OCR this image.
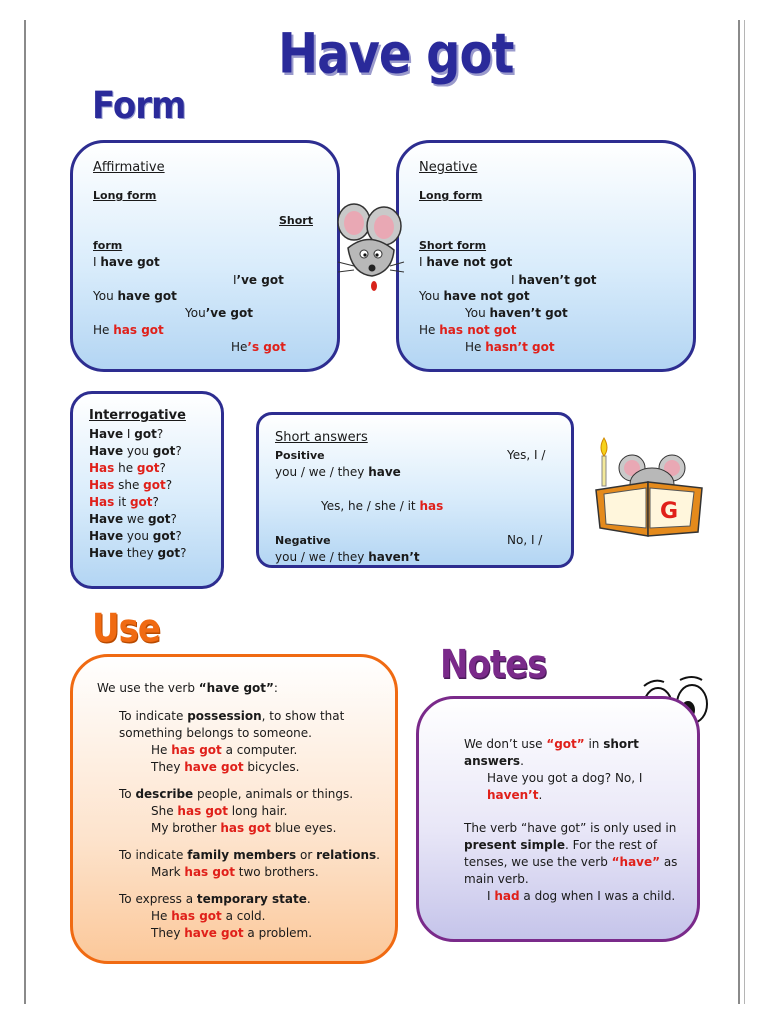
Have got
Form
Affirmative
Long form
Short
form
I have got
I’ve got
You have got
You’ve got
He has got
He’s got
Negative
Long form
Short form
I have not got
I haven’t got
You have not got
You haven’t got
He has not got
He hasn’t got
Interrogative
Have I got?
Have you got?
Has he got?
Has she got?
Has it got?
Have we got?
Have you got?
Have they got?
Short answers
Positive	Yes, I /
you / we / they have
Yes, he / she / it has
Negative	No, I /
you / we / they haven’t
G
Use
We use the verb “have got”:
To indicate possession, to show that
something belongs to someone.
He has got a computer.
They have got bicycles.
To describe people, animals or things.
She has got long hair.
My brother has got blue eyes.
To indicate family members or relations.
Mark has got two brothers.
To express a temporary state.
He has got a cold.
They have got a problem.
Notes
We don’t use “got” in short
answers.
Have you got a dog? No, I
haven’t.
The verb “have got” is only used in
present simple. For the rest of
tenses, we use the verb “have” as
main verb.
I had a dog when I was a child.
